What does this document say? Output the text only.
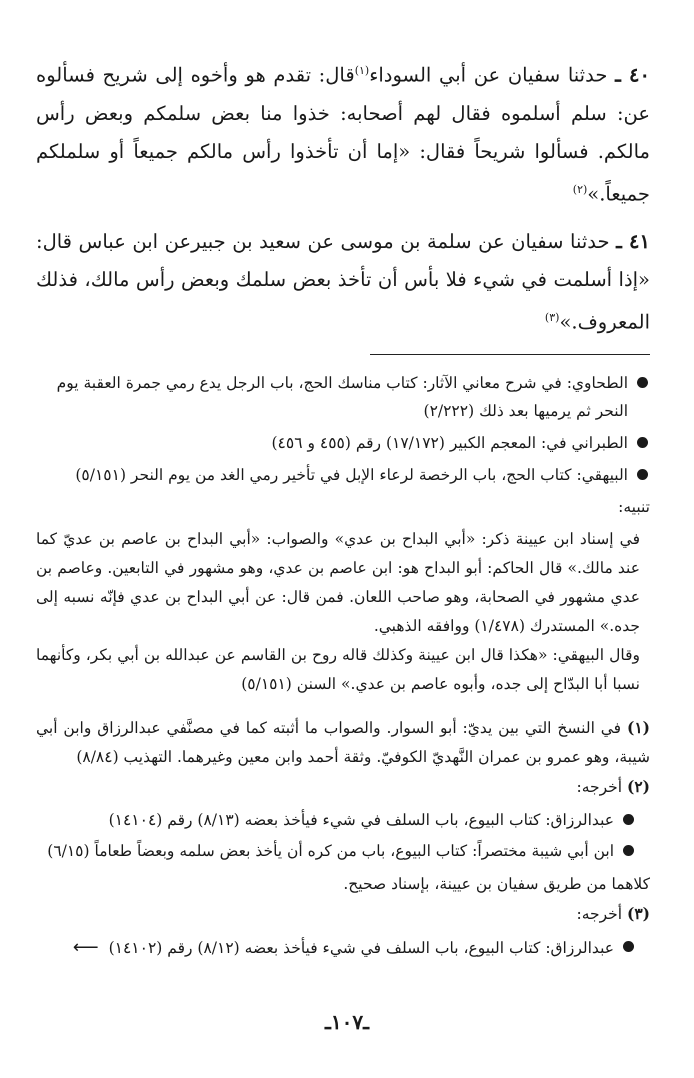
٤٠ ـ حدثنا سفيان عن أبي السوداء$^{(١)}$قال: تقدم هو وأخوه إلى شريح فسألوه عن: سلم أسلموه فقال لهم أصحابه: خذوا منا بعض سلمكم وبعض رأس مالكم. فسألوا شريحاً فقال: «إما أن تأخذوا رأس مالكم جميعاً أو سلملكم جميعاً.»$^{(٢)}$

٤١ ـ حدثنا سفيان عن سلمة بن موسى عن سعيد بن جبيرعن ابن عباس قال: «إذا أسلمت في شيء فلا بأس أن تأخذ بعض سلمك وبعض رأس مالك، فذلك المعروف.»$^{(٣)}$

الطحاوي: في شرح معاني الآثار: كتاب مناسك الحج، باب الرجل يدع رمي جمرة العقبة يوم النحر ثم يرميها بعد ذلك (٢/٢٢٢)
الطبراني في: المعجم الكبير (١٧/١٧٢) رقم (٤٥٥ و ٤٥٦)
البيهقي: كتاب الحج، باب الرخصة لرعاء الإبل في تأخير رمي الغد من يوم النحر (٥/١٥١)
تنبيه:

في إسناد ابن عيينة ذكر: «أبي البداح بن عدي» والصواب: «أبي البداح بن عاصم بن عديّ كما عند مالك.» قال الحاكم: أبو البداح هو: ابن عاصم بن عدي، وهو مشهور في التابعين. وعاصم بن عدي مشهور في الصحابة، وهو صاحب اللعان. فمن قال: عن أبي البداح بن عدي فإنّه نسبه إلى جده.» المستدرك (١/٤٧٨) ووافقه الذهبي.

وقال البيهقي: «هكذا قال ابن عيينة وكذلك قاله روح بن القاسم عن عبدالله بن أبي بكر، وكأنهما نسبا أبا البدّاح إلى جده، وأبوه عاصم بن عدي.» السنن (٥/١٥١)

(١) في النسخ التي بين يديّ: أبو السوار. والصواب ما أثبته كما في مصنَّفي عبدالرزاق وابن أبي شيبة، وهو عمرو بن عمران النَّهديّ الكوفيّ. وثقة أحمد وابن معين وغيرهما. التهذيب (٨/٨٤)

(٢) أخرجه:

عبدالرزاق: كتاب البيوع، باب السلف في شيء فيأخذ بعضه (٨/١٣) رقم (١٤١٠٤)
ابن أبي شيبة مختصراً: كتاب البيوع، باب من كره أن يأخذ بعض سلمه وبعضاً طعاماً (٦/١٥)

كلاهما من طريق سفيان بن عيينة، بإسناد صحيح.

(٣) أخرجه:

عبدالرزاق: كتاب البيوع، باب السلف في شيء فيأخذ بعضه (٨/١٢) رقم (١٤١٠٢)⟵
ـ١٠٧ـ
